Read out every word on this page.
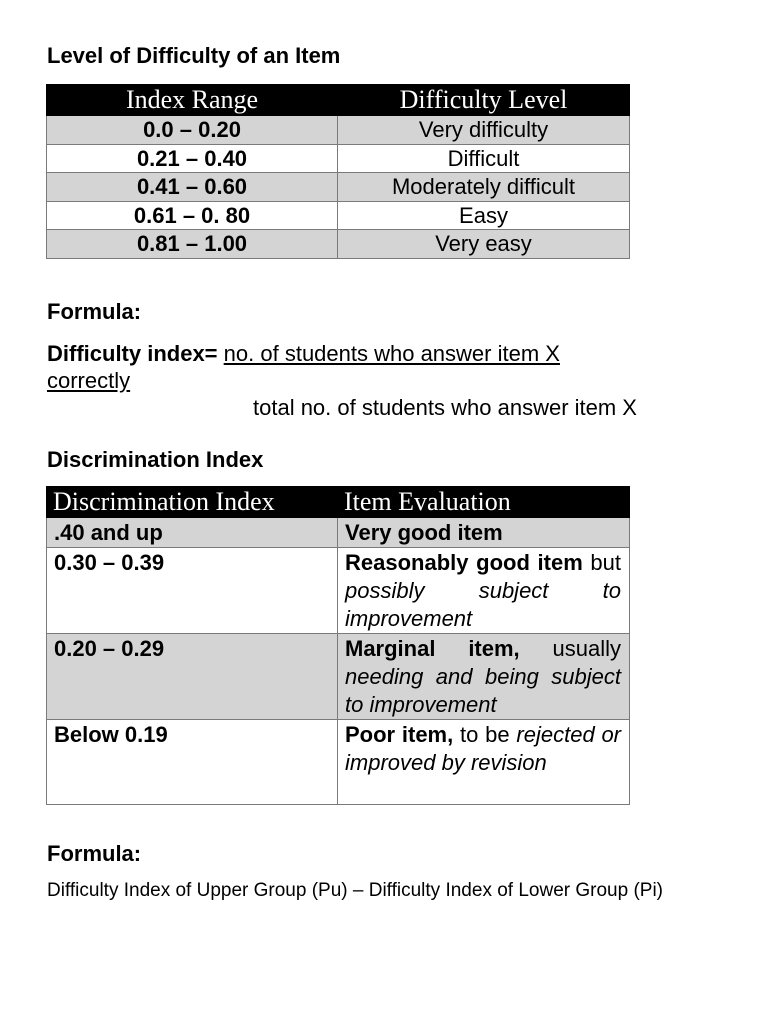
Level of Difficulty of an Item
Index Range	Difficulty Level
0.0 – 0.20	Very difficulty
0.21 – 0.40	Difficult
0.41 – 0.60	Moderately difficult
0.61 – 0. 80	Easy
0.81 – 1.00	Very easy
Formula:
Difficulty index= no. of students who answer item X
correctly
total no. of students who answer item X
Discrimination Index
Discrimination Index	Item Evaluation
.40 and up	Very good item
0.30 – 0.39	Reasonably good item but possibly subject to improvement
0.20 – 0.29	Marginal item, usually needing and being subject to improvement
Below 0.19	Poor item, to be rejected or improved by revision
Formula:
Difficulty Index of Upper Group (Pu) – Difficulty Index of Lower Group (Pi)
